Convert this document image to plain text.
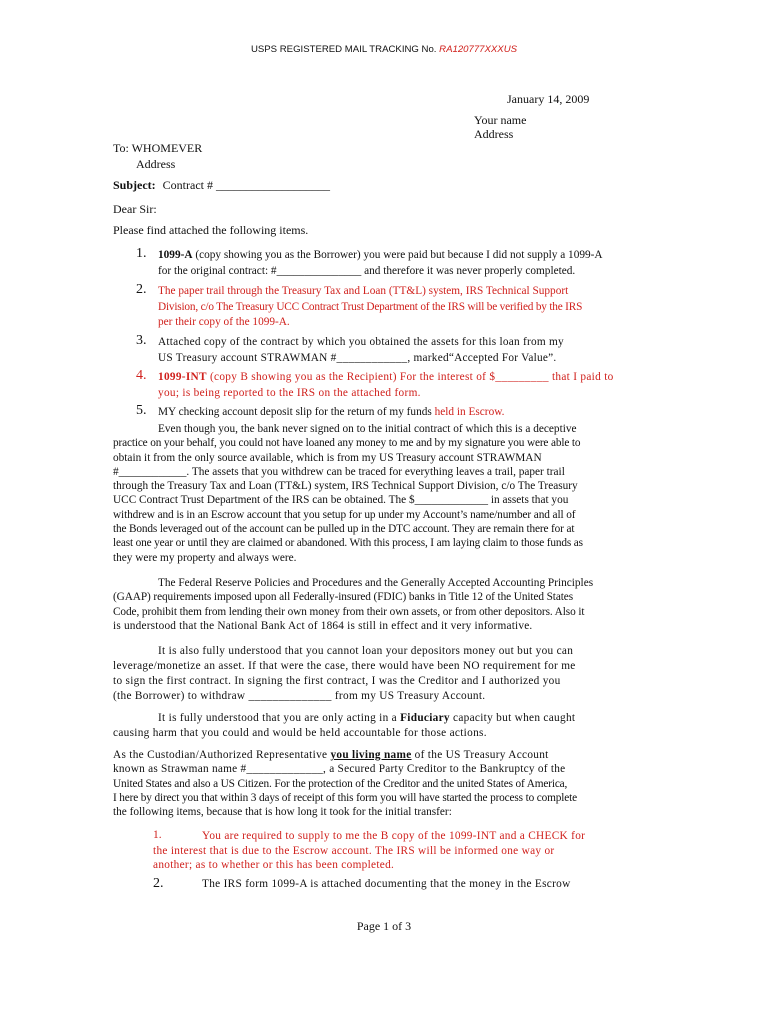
USPS REGISTERED MAIL TRACKING No. RA120777XXXUS
January 14, 2009
Your name
Address
To: WHOMEVER
Address
Subject: Contract # ___________________
Dear Sir:
Please find attached the following items.
1. 1099-A (copy showing you as the Borrower) you were paid but because I did not supply a 1099-A
for the original contract: #_______________ and therefore it was never properly completed.
2. The paper trail through the Treasury Tax and Loan (TT&L) system, IRS Technical Support
Division, c/o The Treasury UCC Contract Trust Department of the IRS will be verified by the IRS
per their copy of the 1099-A.
3. Attached copy of the contract by which you obtained the assets for this loan from my
US Treasury account STRAWMAN #____________, marked“Accepted For Value”.
4. 1099-INT (copy B showing you as the Recipient) For the interest of $_________ that I paid to
you; is being reported to the IRS on the attached form.
5. MY checking account deposit slip for the return of my funds held in Escrow.
Even though you, the bank never signed on to the initial contract of which this is a deceptive
practice on your behalf, you could not have loaned any money to me and by my signature you were able to
obtain it from the only source available, which is from my US Treasury account STRAWMAN
#____________. The assets that you withdrew can be traced for everything leaves a trail, paper trail
through the Treasury Tax and Loan (TT&L) system, IRS Technical Support Division, c/o The Treasury
UCC Contract Trust Department of the IRS can be obtained. The $_____________ in assets that you
withdrew and is in an Escrow account that you setup for up under my Account’s name/number and all of
the Bonds leveraged out of the account can be pulled up in the DTC account. They are remain there for at
least one year or until they are claimed or abandoned. With this process, I am laying claim to those funds as
they were my property and always were.
The Federal Reserve Policies and Procedures and the Generally Accepted Accounting Principles
(GAAP) requirements imposed upon all Federally-insured (FDIC) banks in Title 12 of the United States
Code, prohibit them from lending their own money from their own assets, or from other depositors. Also it
is understood that the National Bank Act of 1864 is still in effect and it very informative.
It is also fully understood that you cannot loan your depositors money out but you can
leverage/monetize an asset. If that were the case, there would have been NO requirement for me
to sign the first contract. In signing the first contract, I was the Creditor and I authorized you
(the Borrower) to withdraw ______________ from my US Treasury Account.
It is fully understood that you are only acting in a Fiduciary capacity but when caught
causing harm that you could and would be held accountable for those actions.
As the Custodian/Authorized Representative you living name of the US Treasury Account
known as Strawman name #_____________, a Secured Party Creditor to the Bankruptcy of the
United States and also a US Citizen. For the protection of the Creditor and the united States of America,
I here by direct you that within 3 days of receipt of this form you will have started the process to complete
the following items, because that is how long it took for the initial transfer:
1.	You are required to supply to me the B copy of the 1099-INT and a CHECK for
the interest that is due to the Escrow account. The IRS will be informed one way or
another; as to whether or this has been completed.
2.	The IRS form 1099-A is attached documenting that the money in the Escrow
Page 1 of 3
